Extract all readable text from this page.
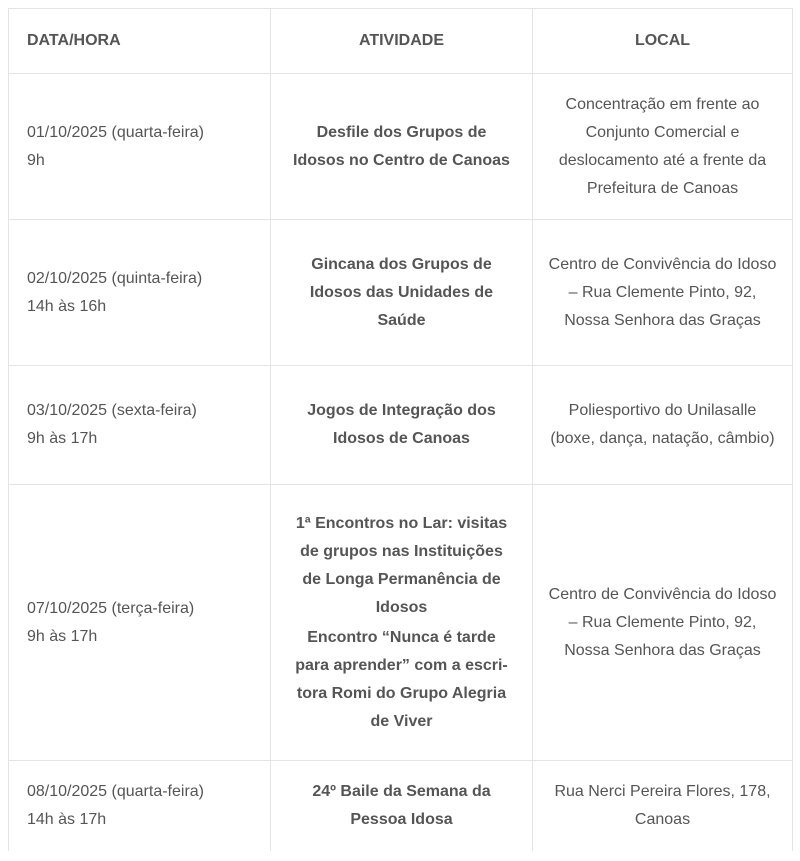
DATA/HORA	ATIVIDADE	LOCAL

01/10/2025 (quarta-feira)
9h	Desfile dos Grupos de Idosos no Centro de Canoas	Concentração em frente ao Conjunto Comercial e deslocamento até a frente da Prefeitura de Canoas

02/10/2025 (quinta-feira)
14h às 16h	Gincana dos Grupos de Idosos das Unidades de Saúde	Centro de Convivência do Idoso – Rua Clemente Pinto, 92, Nossa Senhora das Graças

03/10/2025 (sexta-feira)
9h às 17h	Jogos de Integração dos Idosos de Canoas	Poliesportivo do Unilasalle (boxe, dança, natação, câmbio)

07/10/2025 (terça-feira)
9h às 17h	1ª Encontros no Lar: visitas de grupos nas Instituições de Longa Permanência de Idosos
Encontro “Nunca é tarde para aprender” com a escri-tora Romi do Grupo Alegria de Viver	Centro de Convivência do Idoso – Rua Clemente Pinto, 92, Nossa Senhora das Graças

08/10/2025 (quarta-feira)
14h às 17h	24º Baile da Semana da Pessoa Idosa	Rua Nerci Pereira Flores, 178, Canoas
